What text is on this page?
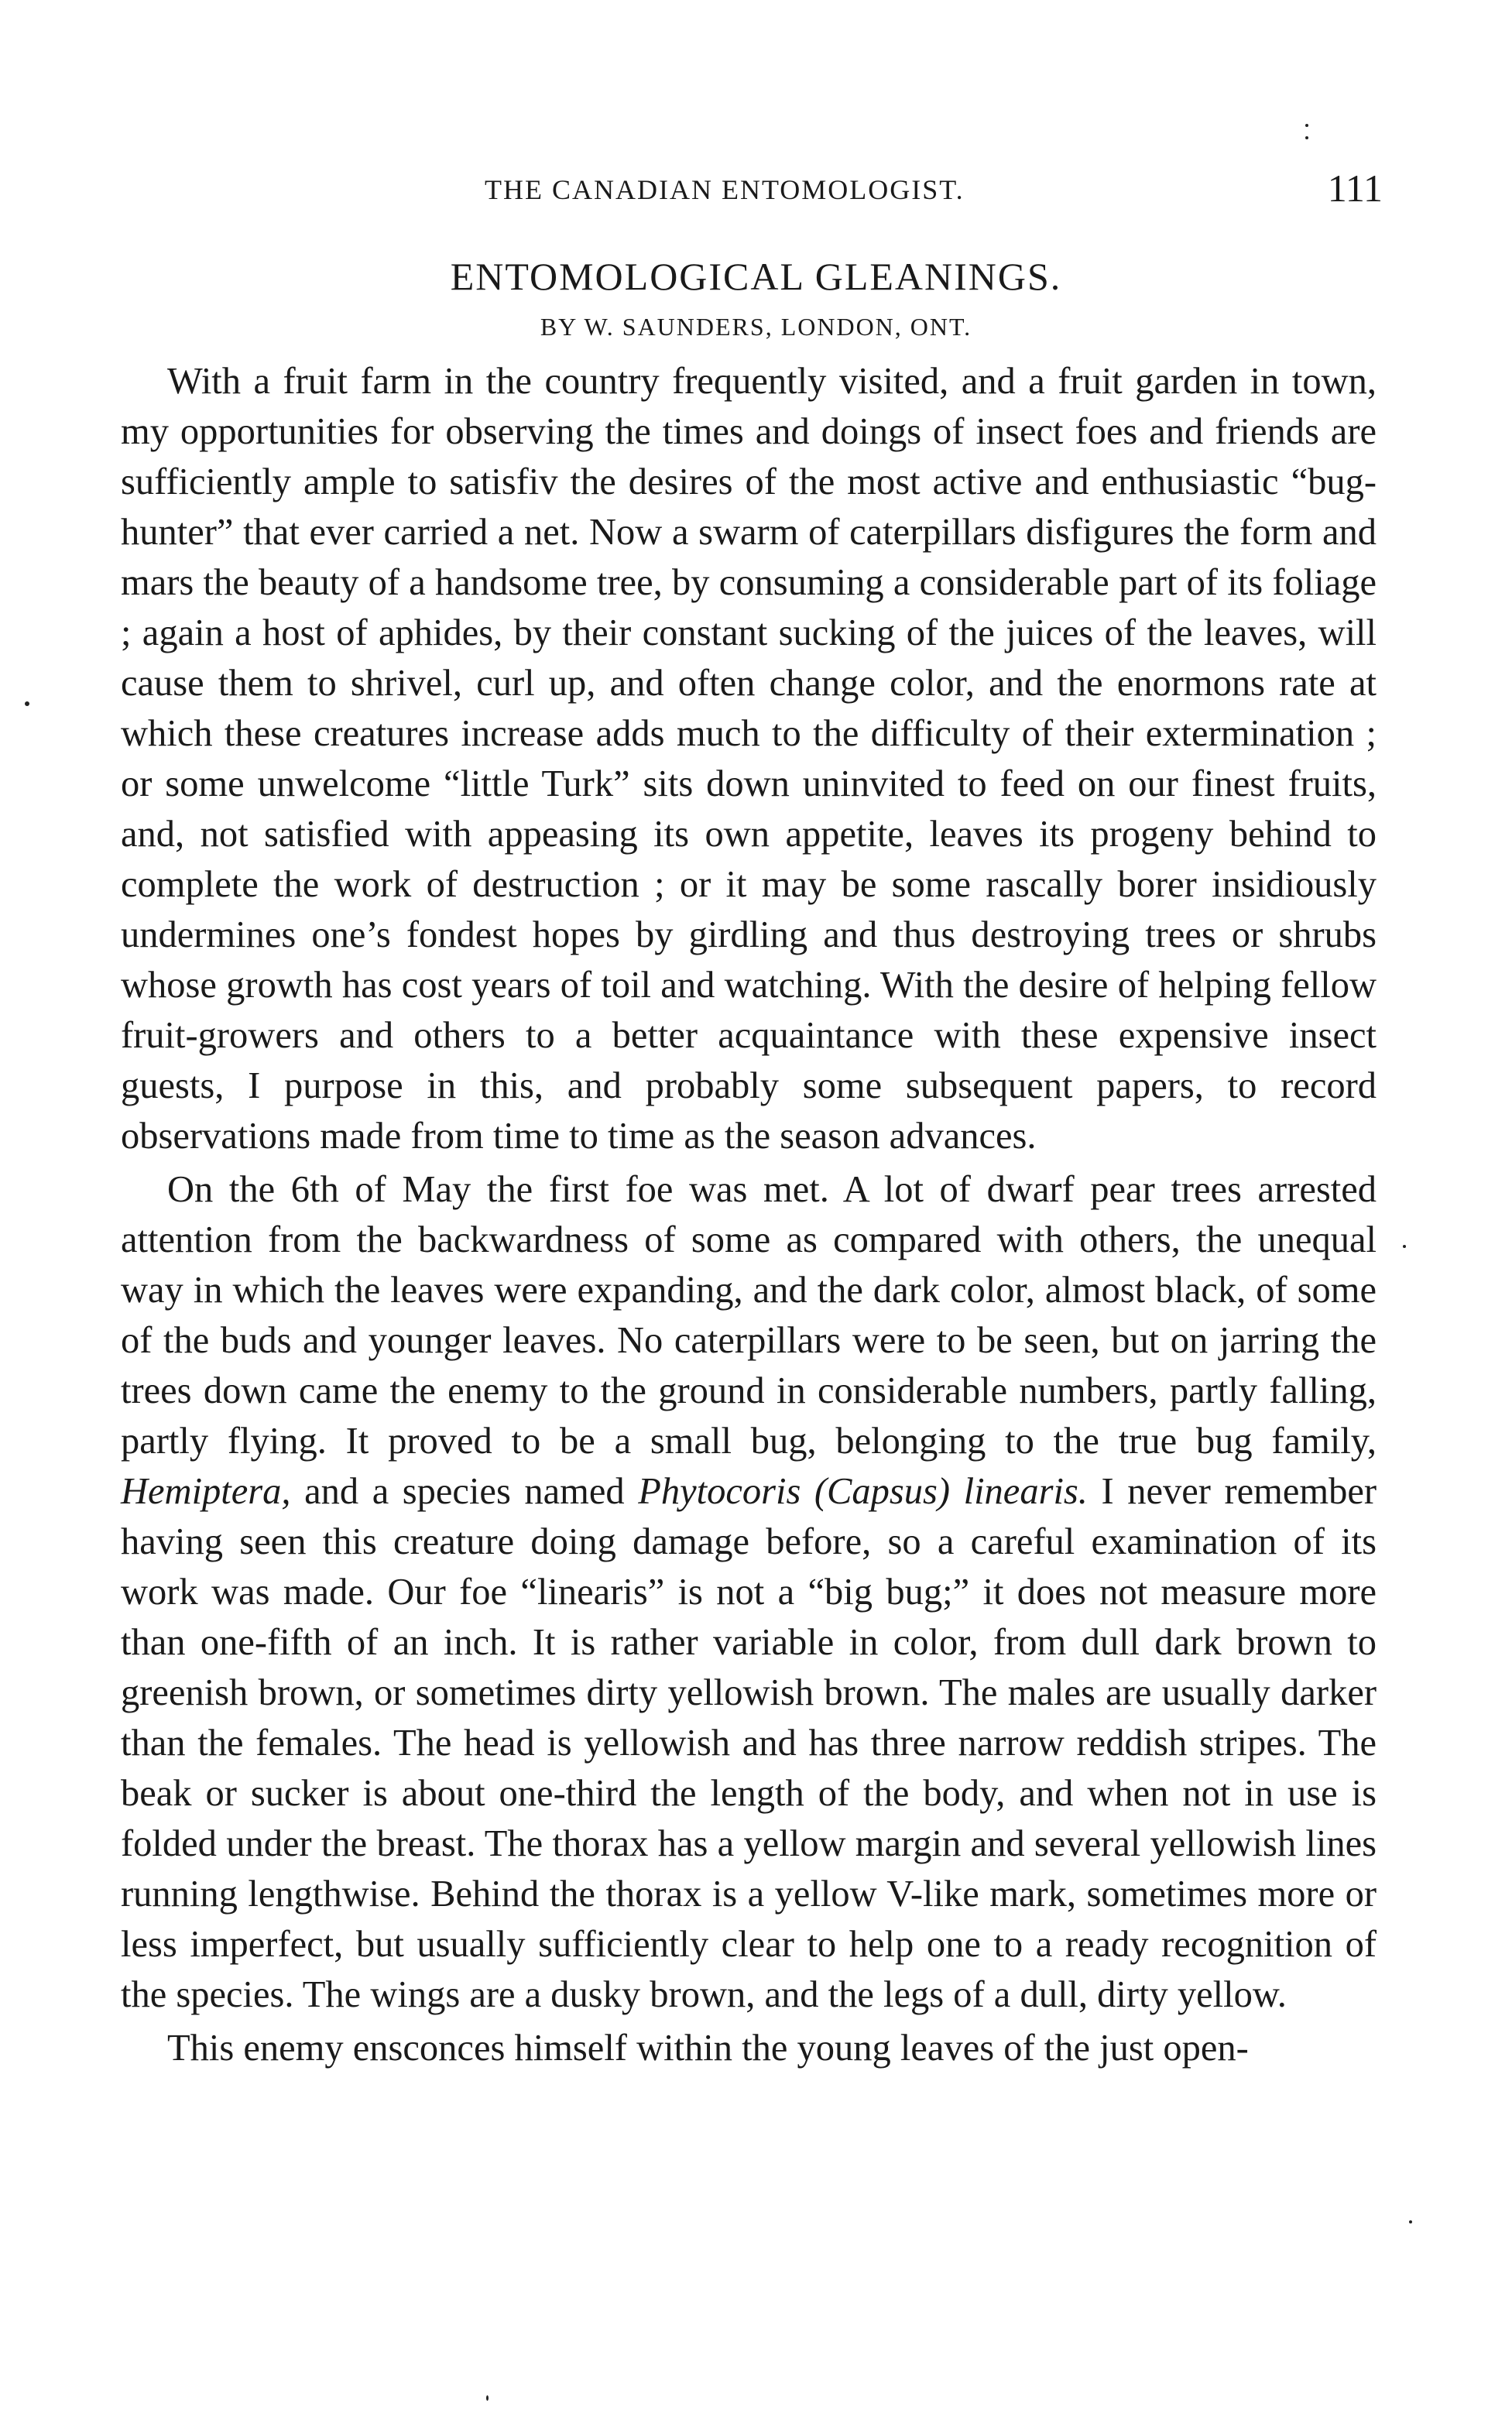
THE CANADIAN ENTOMOLOGIST.	111
ENTOMOLOGICAL GLEANINGS.
BY W. SAUNDERS, LONDON, ONT.

With a fruit farm in the country frequently visited, and a fruit garden in town, my opportunities for observing the times and doings of insect foes and friends are sufficiently ample to satisfiv the desires of the most active and enthusiastic “bug-hunter” that ever carried a net. Now a swarm of caterpillars disfigures the form and mars the beauty of a handsome tree, by consuming a considerable part of its foliage ; again a host of aphides, by their constant sucking of the juices of the leaves, will cause them to shrivel, curl up, and often change color, and the enormons rate at which these creatures increase adds much to the difficulty of their extermination ; or some unwelcome “little Turk” sits down uninvited to feed on our finest fruits, and, not satisfied with appeasing its own appetite, leaves its progeny behind to complete the work of destruction ; or it may be some rascally borer insidiously undermines one’s fondest hopes by girdling and thus destroying trees or shrubs whose growth has cost years of toil and watching. With the desire of helping fellow fruit-growers and others to a better acquaintance with these expensive insect guests, I purpose in this, and probably some subsequent papers, to record observations made from time to time as the season advances.

On the 6th of May the first foe was met. A lot of dwarf pear trees arrested attention from the backwardness of some as compared with others, the unequal way in which the leaves were expanding, and the dark color, almost black, of some of the buds and younger leaves. No caterpillars were to be seen, but on jarring the trees down came the enemy to the ground in considerable numbers, partly falling, partly flying. It proved to be a small bug, belonging to the true bug family, Hemiptera, and a species named Phytocoris (Capsus) linearis. I never remember having seen this creature doing damage before, so a careful examination of its work was made. Our foe “linearis” is not a “big bug;” it does not measure more than one-fifth of an inch. It is rather variable in color, from dull dark brown to greenish brown, or sometimes dirty yellowish brown. The males are usually darker than the females. The head is yellowish and has three narrow reddish stripes. The beak or sucker is about one-third the length of the body, and when not in use is folded under the breast. The thorax has a yellow margin and several yellowish lines running lengthwise. Behind the thorax is a yellow V-like mark, sometimes more or less imperfect, but usually sufficiently clear to help one to a ready recognition of the species. The wings are a dusky brown, and the legs of a dull, dirty yellow.

This enemy ensconces himself within the young leaves of the just open-
